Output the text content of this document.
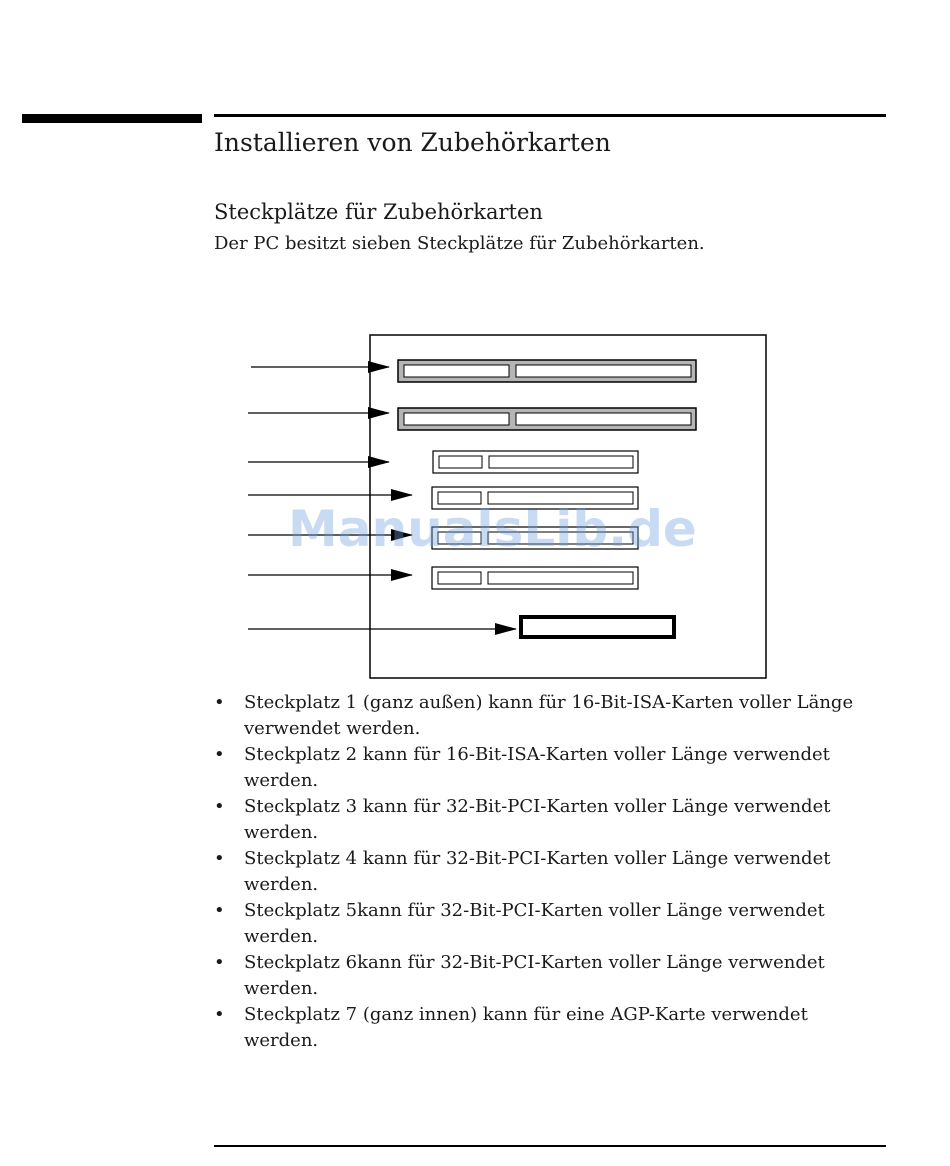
Installieren von Zubehörkarten
Steckplätze für Zubehörkarten

Der PC besitzt sieben Steckplätze für Zubehörkarten.

ManualsLib.de
• Steckplatz 1 (ganz außen) kann für 16-Bit-ISA-Karten voller Länge verwendet werden.
• Steckplatz 2 kann für 16-Bit-ISA-Karten voller Länge verwendet werden.
• Steckplatz 3 kann für 32-Bit-PCI-Karten voller Länge verwendet werden.
• Steckplatz 4 kann für 32-Bit-PCI-Karten voller Länge verwendet werden.
• Steckplatz 5kann für 32-Bit-PCI-Karten voller Länge verwendet werden.
• Steckplatz 6kann für 32-Bit-PCI-Karten voller Länge verwendet werden.
• Steckplatz 7 (ganz innen) kann für eine AGP-Karte verwendet werden.
